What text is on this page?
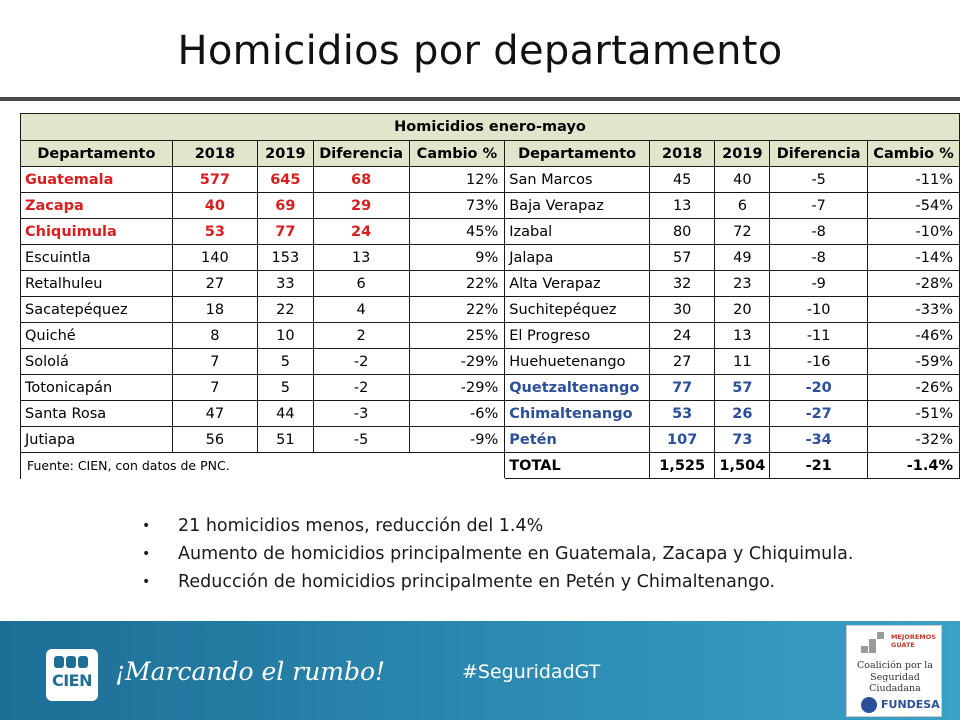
Homicidios por departamento
Homicidios enero-mayo									
Departamento	2018	2019	Diferencia	Cambio %	Departamento	2018	2019	Diferencia	Cambio %
Guatemala	577	645	68	12%	San Marcos	45	40	-5	-11%
Zacapa	40	69	29	73%	Baja Verapaz	13	6	-7	-54%
Chiquimula	53	77	24	45%	Izabal	80	72	-8	-10%
Escuintla	140	153	13	9%	Jalapa	57	49	-8	-14%
Retalhuleu	27	33	6	22%	Alta Verapaz	32	23	-9	-28%
Sacatepéquez	18	22	4	22%	Suchitepéquez	30	20	-10	-33%
Quiché	8	10	2	25%	El Progreso	24	13	-11	-46%
Sololá	7	5	-2	-29%	Huehuetenango	27	11	-16	-59%
Totonicapán	7	5	-2	-29%	Quetzaltenango	77	57	-20	-26%
Santa Rosa	47	44	-3	-6%	Chimaltenango	53	26	-27	-51%
Jutiapa	56	51	-5	-9%	Petén	107	73	-34	-32%
Fuente: CIEN, con datos de PNC.					TOTAL	1,525	1,504	-21	-1.4%
• 21 homicidios menos, reducción del 1.4%
• Aumento de homicidios principalmente en Guatemala, Zacapa y Chiquimula.
• Reducción de homicidios principalmente en Petén y Chimaltenango.
CIEN ¡Marcando el rumbo!	#SeguridadGT
MEJOREMOS GUATE
Coalición por la
Seguridad Ciudadana
FUNDESA
